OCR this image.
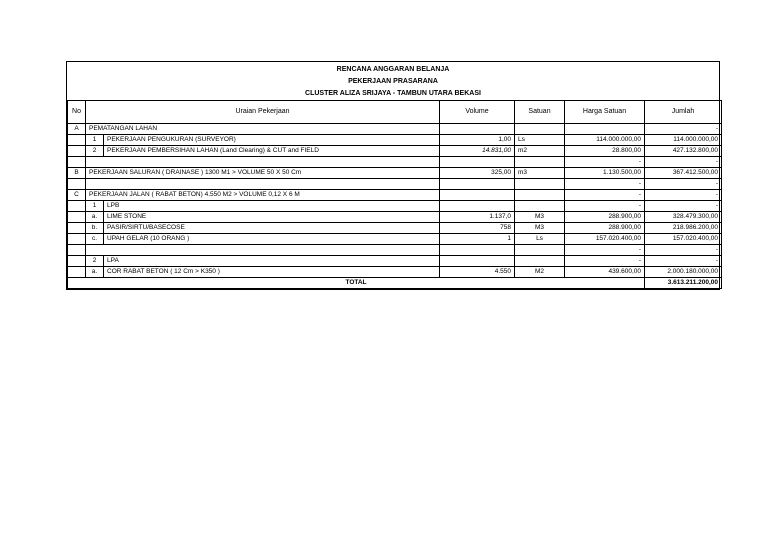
RENCANA ANGGARAN BELANJA
PEKERJAAN PRASARANA
CLUSTER ALIZA SRIJAYA - TAMBUN UTARA BEKASI
No	Uraian Pekerjaan		Volume	Satuan	Harga Satuan	Jumlah
A	PEMATANGAN LAHAN					-
	1	PEKERJAAN PENGUKURAN (SURVEYOR)	1,00	Ls	114.000.000,00	114.000.000,00
	2	PEKERJAAN PEMBERSIHAN LAHAN (Land Clearing) & CUT and FIELD	14.831,00	m2	28.800,00	427.132.800,00
					-	-
B	PEKERJAAN SALURAN ( DRAINASE ) 1300 M1 > VOLUME 50 X 50 Cm		325,00	m3	1.130.500,00	367.412.500,00
					-	-
C	PEKERJAAN JALAN ( RABAT BETON) 4.550 M2 > VOLUME 0,12 X 6 M				-	-
	1	LPB			-	-
	a.	LIME STONE	1.137,0	M3	288.900,00	328.479.300,00
	b.	PASIR/SIRTU/BASECOSE	758	M3	288.900,00	218.986.200,00
	c.	UPAH GELAR (10 ORANG )	1	Ls	157.020.400,00	157.020.400,00
					-	-
	2	LPA			-	-
	a.	COR RABAT BETON ( 12 Cm > K350 )	4.550	M2	439.600,00	2.000.180.000,00
TOTAL						3.613.211.200,00
